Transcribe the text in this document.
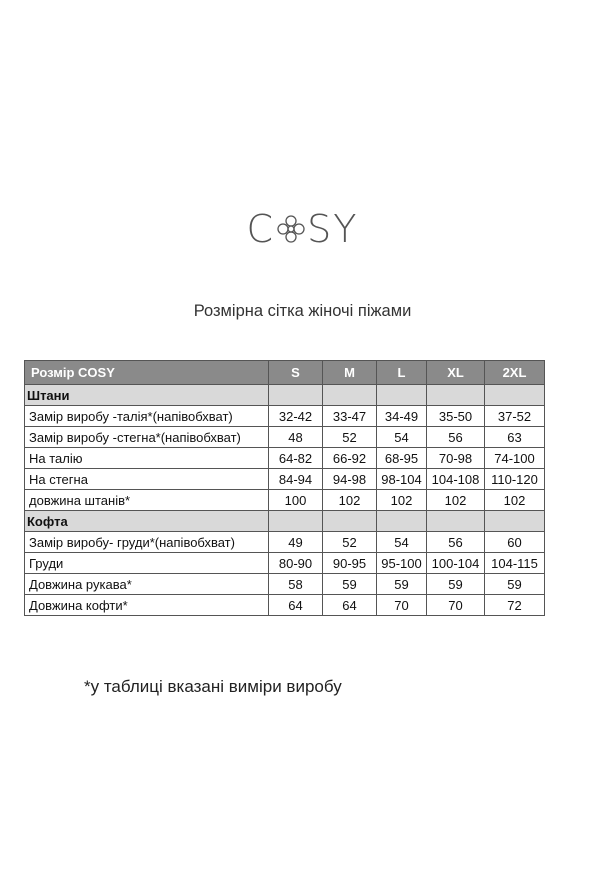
C SY
Розмірна сітка жіночі піжами
Розмір COSY	S	M	L	XL	2XL
Штани					
Замір виробу -талія*(напівобхват)	32-42	33-47	34-49	35-50	37-52
Замір виробу -стегна*(напівобхват)	48	52	54	56	63
На талію	64-82	66-92	68-95	70-98	74-100
На стегна	84-94	94-98	98-104	104-108	110-120
довжина штанів*	100	102	102	102	102
Кофта					
Замір виробу- груди*(напівобхват)	49	52	54	56	60
Груди	80-90	90-95	95-100	100-104	104-115
Довжина рукава*	58	59	59	59	59
Довжина кофти*	64	64	70	70	72
*у таблиці вказані виміри виробу
